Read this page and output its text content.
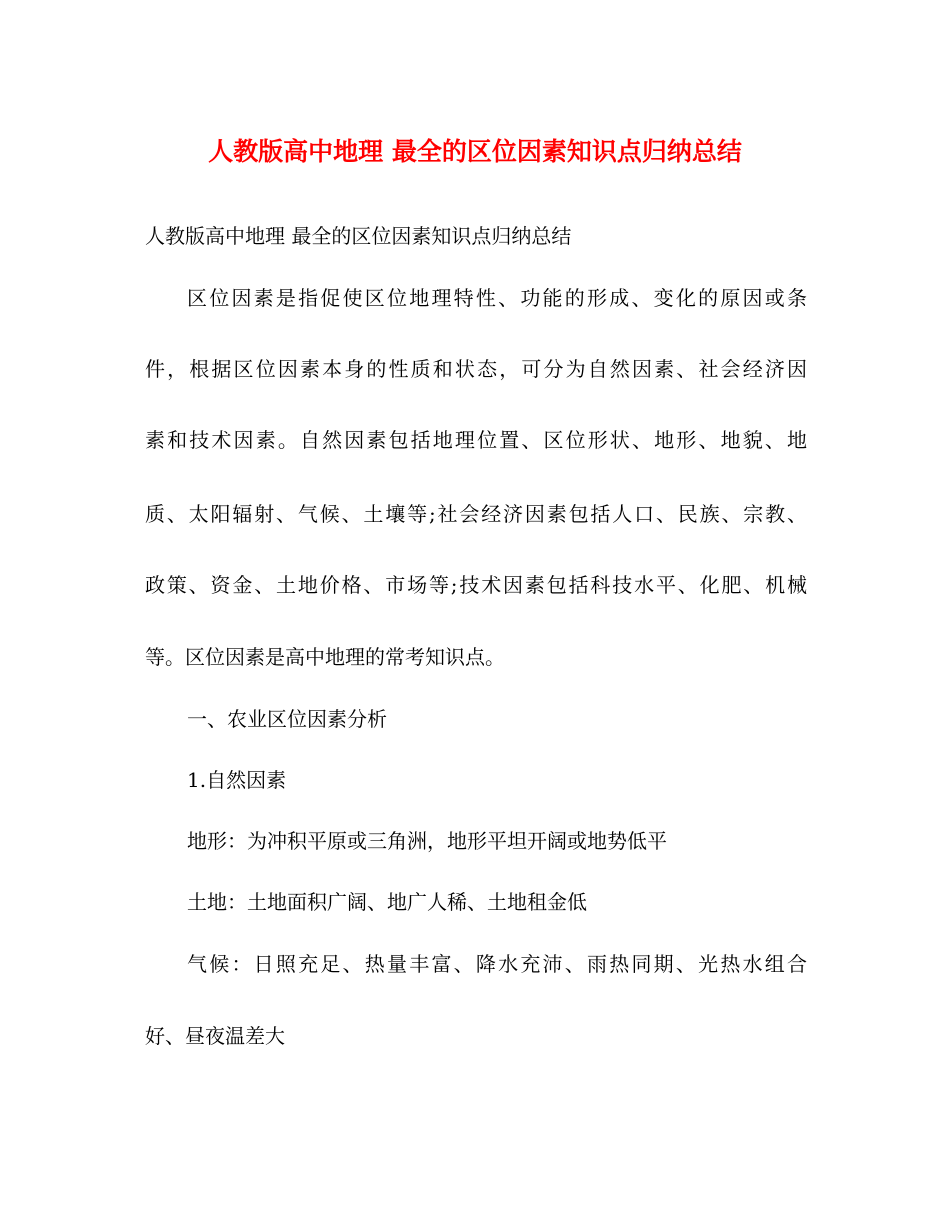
人教版高中地理 最全的区位因素知识点归纳总结

人教版高中地理 最全的区位因素知识点归纳总结

区位因素是指促使区位地理特性、功能的形成、变化的原因或条

件，根据区位因素本身的性质和状态，可分为自然因素、社会经济因

素和技术因素。自然因素包括地理位置、区位形状、地形、地貌、地

质、太阳辐射、气候、土壤等;社会经济因素包括人口、民族、宗教、

政策、资金、土地价格、市场等;技术因素包括科技水平、化肥、机械

等。区位因素是高中地理的常考知识点。

一、农业区位因素分析

1.自然因素

地形：为冲积平原或三角洲，地形平坦开阔或地势低平

土地：土地面积广阔、地广人稀、土地租金低

气候：日照充足、热量丰富、降水充沛、雨热同期、光热水组合

好、昼夜温差大
